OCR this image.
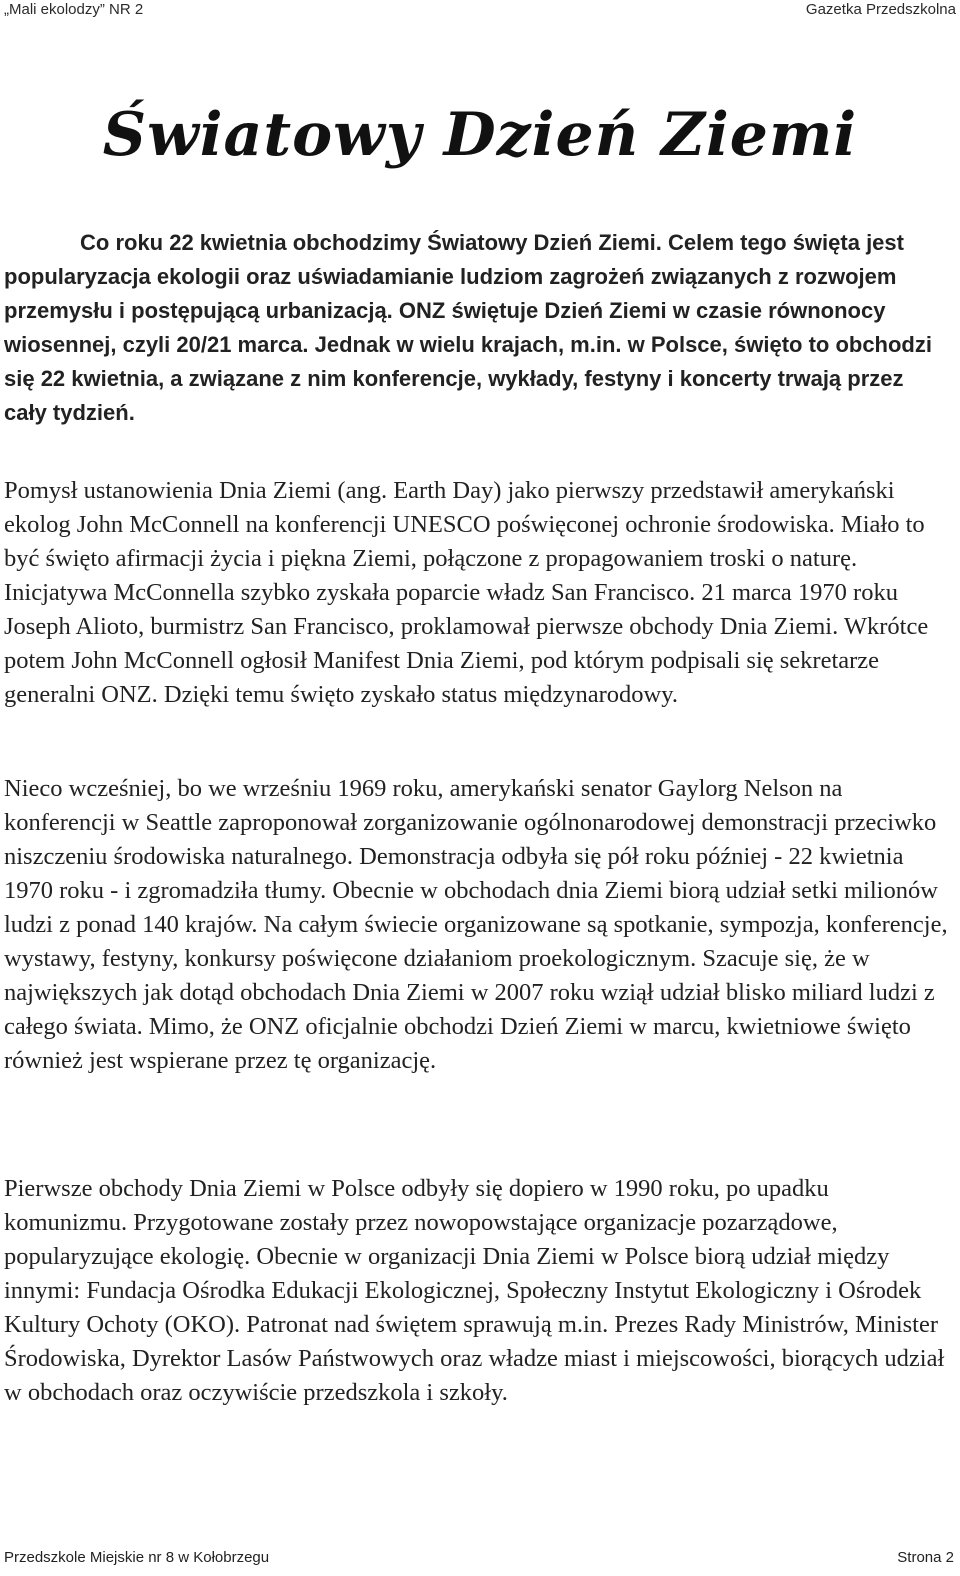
„Mali ekolodzy” NR 2	Gazetka Przedszkolna
Światowy Dzień Ziemi

Co roku 22 kwietnia obchodzimy Światowy Dzień Ziemi. Celem tego święta jest popularyzacja ekologii oraz uświadamianie ludziom zagrożeń związanych z rozwojem przemysłu i postępującą urbanizacją. ONZ świętuje Dzień Ziemi w czasie równonocy wiosennej, czyli 20/21 marca. Jednak w wielu krajach, m.in. w Polsce, święto to obchodzi się 22 kwietnia, a związane z nim konferencje, wykłady, festyny i koncerty trwają przez cały tydzień.

Pomysł ustanowienia Dnia Ziemi (ang. Earth Day) jako pierwszy przedstawił amerykański ekolog John McConnell na konferencji UNESCO poświęconej ochronie środowiska. Miało to być święto afirmacji życia i piękna Ziemi, połączone z propagowaniem troski o naturę. Inicjatywa McConnella szybko zyskała poparcie władz San Francisco. 21 marca 1970 roku Joseph Alioto, burmistrz San Francisco, proklamował pierwsze obchody Dnia Ziemi. Wkrótce potem John McConnell ogłosił Manifest Dnia Ziemi, pod którym podpisali się sekretarze generalni ONZ. Dzięki temu święto zyskało status międzynarodowy.

Nieco wcześniej, bo we wrześniu 1969 roku, amerykański senator Gaylorg Nelson na konferencji w Seattle zaproponował zorganizowanie ogólnonarodowej demonstracji przeciwko niszczeniu środowiska naturalnego. Demonstracja odbyła się pół roku później - 22 kwietnia 1970 roku - i zgromadziła tłumy. Obecnie w obchodach dnia Ziemi biorą udział setki milionów ludzi z ponad 140 krajów. Na całym świecie organizowane są spotkanie, sympozja, konferencje, wystawy, festyny, konkursy poświęcone działaniom proekologicznym. Szacuje się, że w największych jak dotąd obchodach Dnia Ziemi w 2007 roku wziął udział blisko miliard ludzi z całego świata. Mimo, że ONZ oficjalnie obchodzi Dzień Ziemi w marcu, kwietniowe święto również jest wspierane przez tę organizację.

Pierwsze obchody Dnia Ziemi w Polsce odbyły się dopiero w 1990 roku, po upadku komunizmu. Przygotowane zostały przez nowopowstające organizacje pozarządowe, popularyzujące ekologię. Obecnie w organizacji Dnia Ziemi w Polsce biorą udział między innymi: Fundacja Ośrodka Edukacji Ekologicznej, Społeczny Instytut Ekologiczny i Ośrodek Kultury Ochoty (OKO). Patronat nad świętem sprawują m.in. Prezes Rady Ministrów, Minister Środowiska, Dyrektor Lasów Państwowych oraz władze miast i miejscowości, biorących udział w obchodach oraz oczywiście przedszkola i szkoły.

Przedszkole Miejskie nr 8 w Kołobrzegu	Strona 2
